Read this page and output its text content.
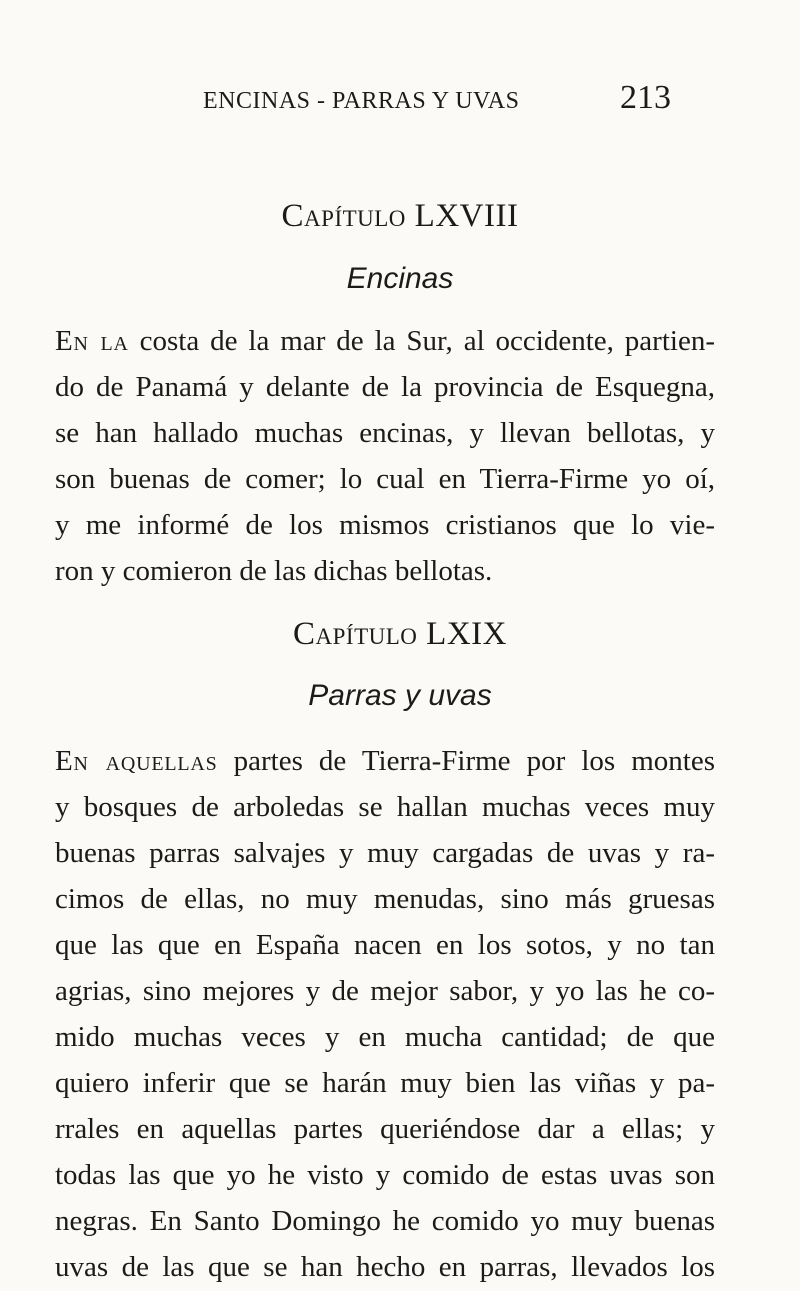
ENCINAS - PARRAS Y UVAS	213
Capítulo LXVIII
Encinas
En la costa de la mar de la Sur, al occidente, partien-
do de Panamá y delante de la provincia de Esquegna,
se han hallado muchas encinas, y llevan bellotas, y
son buenas de comer; lo cual en Tierra-Firme yo oí,
y me informé de los mismos cristianos que lo vie-
ron y comieron de las dichas bellotas.
Capítulo LXIX
Parras y uvas
En aquellas partes de Tierra-Firme por los montes
y bosques de arboledas se hallan muchas veces muy
buenas parras salvajes y muy cargadas de uvas y ra-
cimos de ellas, no muy menudas, sino más gruesas
que las que en España nacen en los sotos, y no tan
agrias, sino mejores y de mejor sabor, y yo las he co-
mido muchas veces y en mucha cantidad; de que
quiero inferir que se harán muy bien las viñas y pa-
rrales en aquellas partes queriéndose dar a ellas; y
todas las que yo he visto y comido de estas uvas son
negras. En Santo Domingo he comido yo muy buenas
uvas de las que se han hecho en parras, llevados los
